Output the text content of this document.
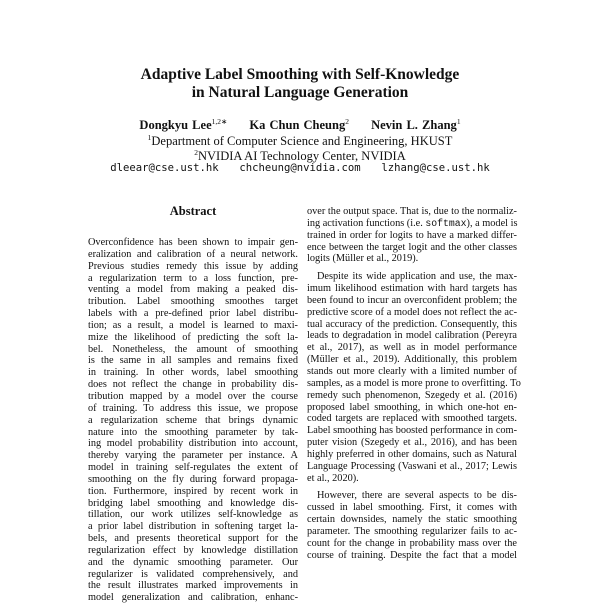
Adaptive Label Smoothing with Self-Knowledge
in Natural Language Generation
Dongkyu Lee$^{1,2∗}$ Ka Chun Cheung$^2$ Nevin L. Zhang$^1$
$^1$Department of Computer Science and Engineering, HKUST
$^2$NVIDIA AI Technology Center, NVIDIA
dleear@cse.ust.hk  chcheung@nvidia.com  lzhang@cse.ust.hk
Abstract
Overconfidence has been shown to impair gen-
eralization and calibration of a neural network.
Previous studies remedy this issue by adding
a regularization term to a loss function, pre-
venting a model from making a peaked dis-
tribution. Label smoothing smoothes target
labels with a pre-defined prior label distribu-
tion; as a result, a model is learned to maxi-
mize the likelihood of predicting the soft la-
bel. Nonetheless, the amount of smoothing
is the same in all samples and remains fixed
in training. In other words, label smoothing
does not reflect the change in probability dis-
tribution mapped by a model over the course
of training. To address this issue, we propose
a regularization scheme that brings dynamic
nature into the smoothing parameter by tak-
ing model probability distribution into account,
thereby varying the parameter per instance. A
model in training self-regulates the extent of
smoothing on the fly during forward propaga-
tion. Furthermore, inspired by recent work in
bridging label smoothing and knowledge dis-
tillation, our work utilizes self-knowledge as
a prior label distribution in softening target la-
bels, and presents theoretical support for the
regularization effect by knowledge distillation
and the dynamic smoothing parameter. Our
regularizer is validated comprehensively, and
the result illustrates marked improvements in
model generalization and calibration, enhanc-
over the output space. That is, due to the normaliz-
ing activation functions (i.e. softmax), a model is
trained in order for logits to have a marked differ-
ence between the target logit and the other classes
logits (Müller et al., 2019).
Despite its wide application and use, the max-
imum likelihood estimation with hard targets has
been found to incur an overconfident problem; the
predictive score of a model does not reflect the ac-
tual accuracy of the prediction. Consequently, this
leads to degradation in model calibration (Pereyra
et al., 2017), as well as in model performance
(Müller et al., 2019). Additionally, this problem
stands out more clearly with a limited number of
samples, as a model is more prone to overfitting. To
remedy such phenomenon, Szegedy et al. (2016)
proposed label smoothing, in which one-hot en-
coded targets are replaced with smoothed targets.
Label smoothing has boosted performance in com-
puter vision (Szegedy et al., 2016), and has been
highly preferred in other domains, such as Natural
Language Processing (Vaswani et al., 2017; Lewis
et al., 2020).
However, there are several aspects to be dis-
cussed in label smoothing. First, it comes with
certain downsides, namely the static smoothing
parameter. The smoothing regularizer fails to ac-
count for the change in probability mass over the
course of training. Despite the fact that a model
